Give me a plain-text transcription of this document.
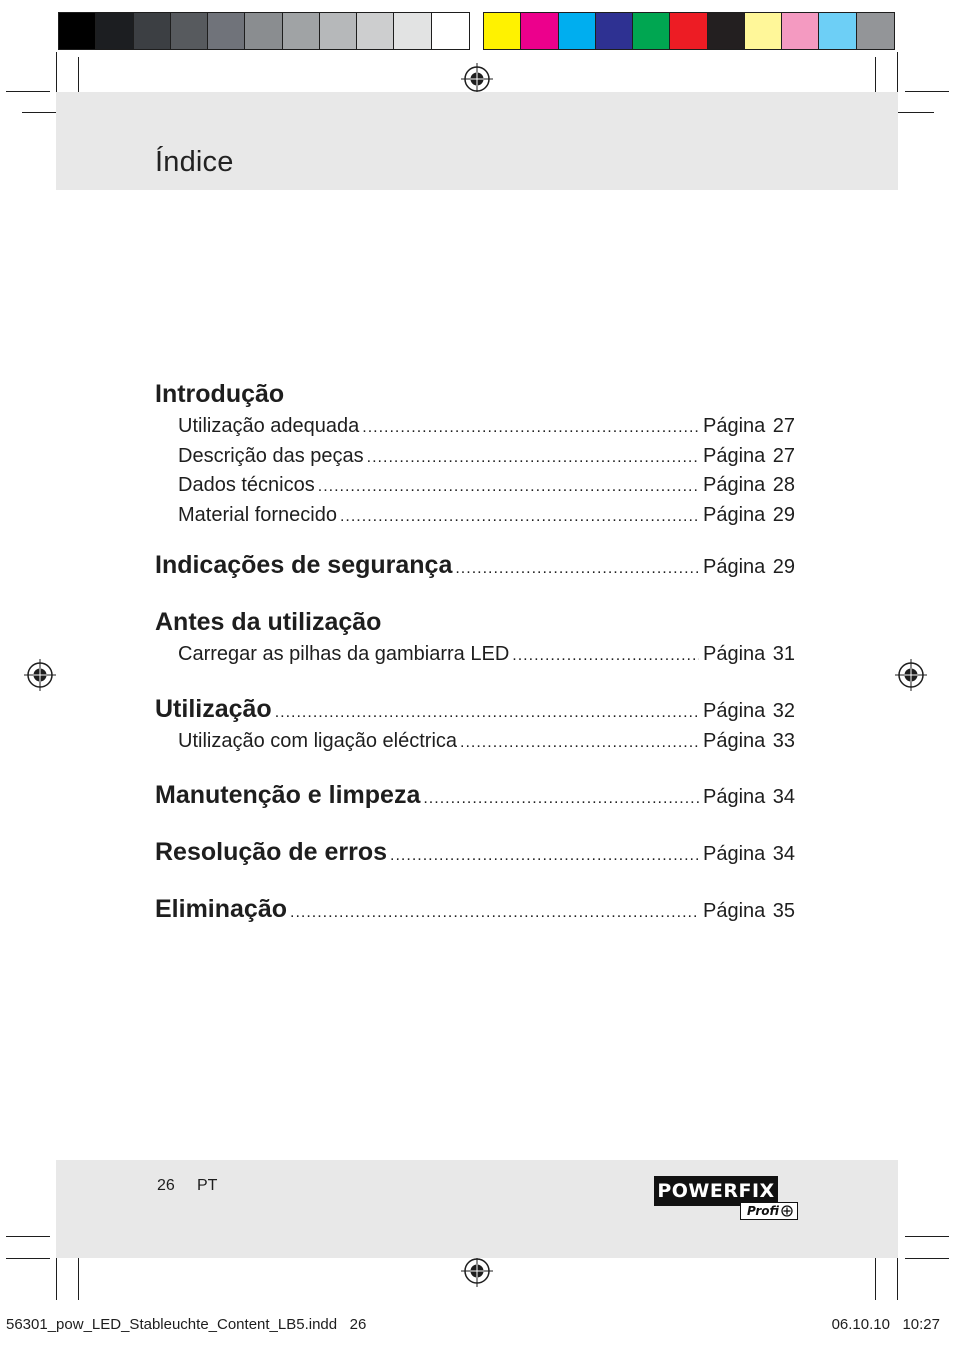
Índice
Introdução
Utilização adequada .....	Página 27
Descrição das peças .....	Página 27
Dados técnicos .....	Página 28
Material fornecido .....	Página 29
Indicações de segurança .....	Página 29
Antes da utilização
Carregar as pilhas da gambiarra LED .....	Página 31
Utilização .....	Página 32
Utilização com ligação eléctrica .....	Página 33
Manutenção e limpeza .....	Página 34
Resolução de erros .....	Página 34
Eliminação .....	Página 35
26 PT	POWERFIX
Profi
56301_pow_LED_Stableuchte_Content_LB5.indd   26	06.10.10   10:27
